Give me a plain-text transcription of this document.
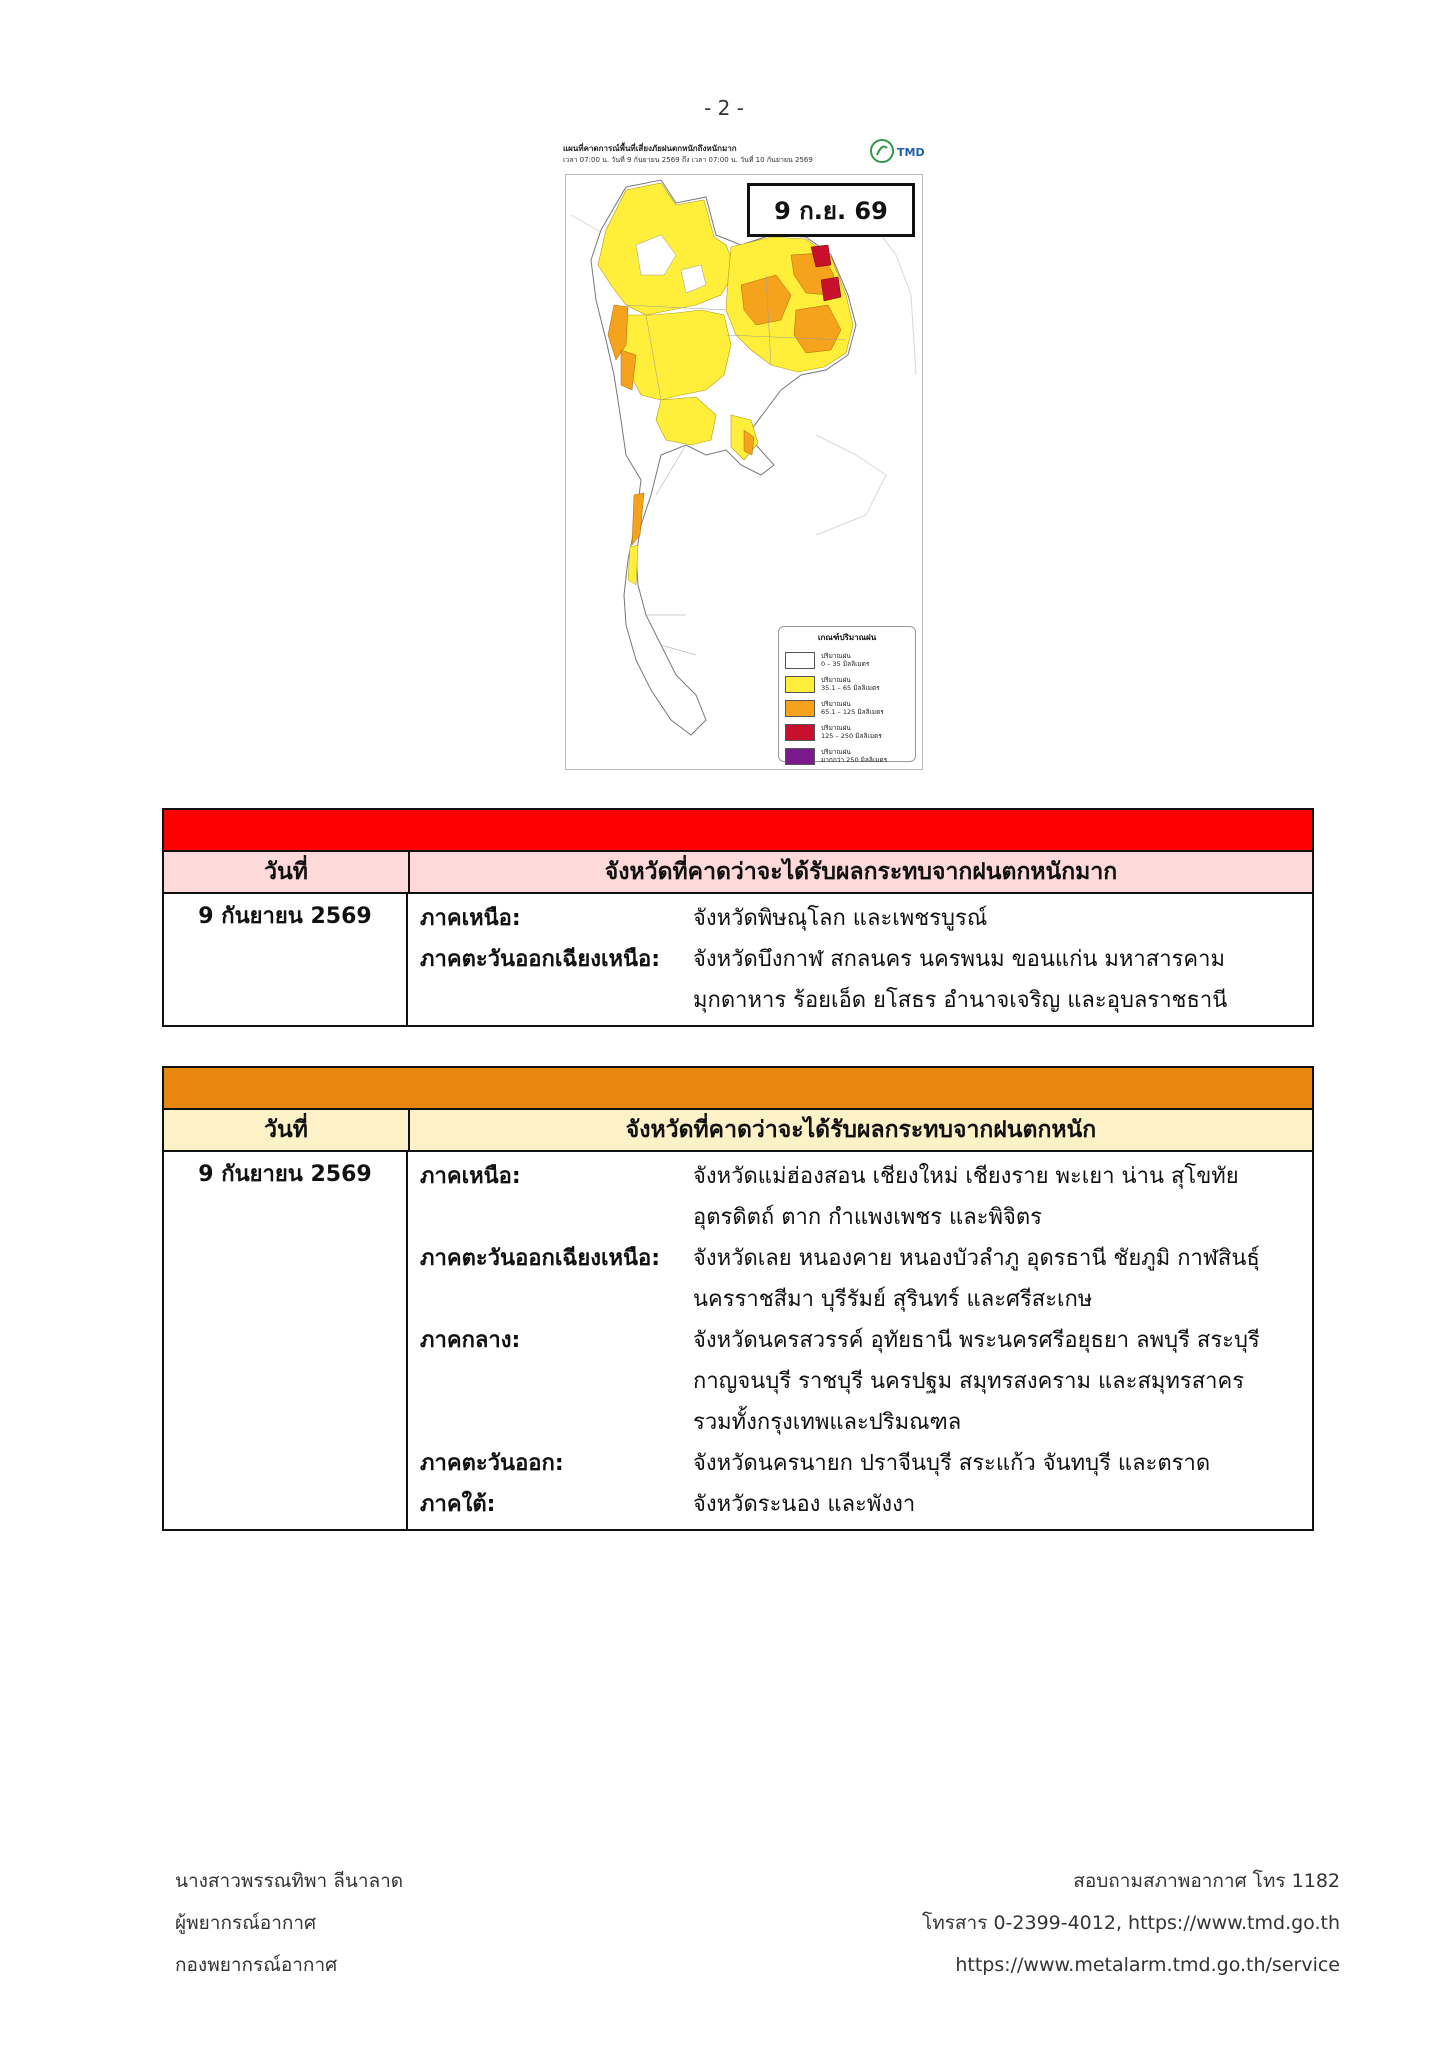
- 2 -
แผนที่คาดการณ์พื้นที่เสี่ยงภัยฝนตกหนักถึงหนักมาก
เวลา 07:00 น. วันที่ 9 กันยายน 2569 ถึง เวลา 07:00 น. วันที่ 10 กันยายน 2569
TMD
9 ก.ย. 69
เกณฑ์ปริมาณฝน
ปริมาณฝน
0 – 35 มิลลิเมตร
ปริมาณฝน
35.1 – 65 มิลลิเมตร
ปริมาณฝน
65.1 – 125 มิลลิเมตร
ปริมาณฝน
125 – 250 มิลลิเมตร
ปริมาณฝน
มากกว่า 250 มิลลิเมตร
วันที่	จังหวัดที่คาดว่าจะได้รับผลกระทบจากฝนตกหนักมาก
9 กันยายน 2569	ภาคเหนือ:	จังหวัดพิษณุโลก และเพชรบูรณ์
ภาคตะวันออกเฉียงเหนือ:	จังหวัดบึงกาฬ สกลนคร นครพนม ขอนแก่น มหาสารคาม
มุกดาหาร ร้อยเอ็ด ยโสธร อำนาจเจริญ และอุบลราชธานี
วันที่	จังหวัดที่คาดว่าจะได้รับผลกระทบจากฝนตกหนัก
9 กันยายน 2569	ภาคเหนือ:	จังหวัดแม่ฮ่องสอน เชียงใหม่ เชียงราย พะเยา น่าน สุโขทัย
อุตรดิตถ์ ตาก กำแพงเพชร และพิจิตร
ภาคตะวันออกเฉียงเหนือ:	จังหวัดเลย หนองคาย หนองบัวลำภู อุดรธานี ชัยภูมิ กาฬสินธุ์
นครราชสีมา บุรีรัมย์ สุรินทร์ และศรีสะเกษ
ภาคกลาง:	จังหวัดนครสวรรค์ อุทัยธานี พระนครศรีอยุธยา ลพบุรี สระบุรี
กาญจนบุรี ราชบุรี นครปฐม สมุทรสงคราม และสมุทรสาคร
รวมทั้งกรุงเทพและปริมณฑล
ภาคตะวันออก:	จังหวัดนครนายก ปราจีนบุรี สระแก้ว จันทบุรี และตราด
ภาคใต้:	จังหวัดระนอง และพังงา
นางสาวพรรณทิพา ลีนาลาด
ผู้พยากรณ์อากาศ
กองพยากรณ์อากาศ
สอบถามสภาพอากาศ โทร 1182
โทรสาร 0-2399-4012, https://www.tmd.go.th
https://www.metalarm.tmd.go.th/service
